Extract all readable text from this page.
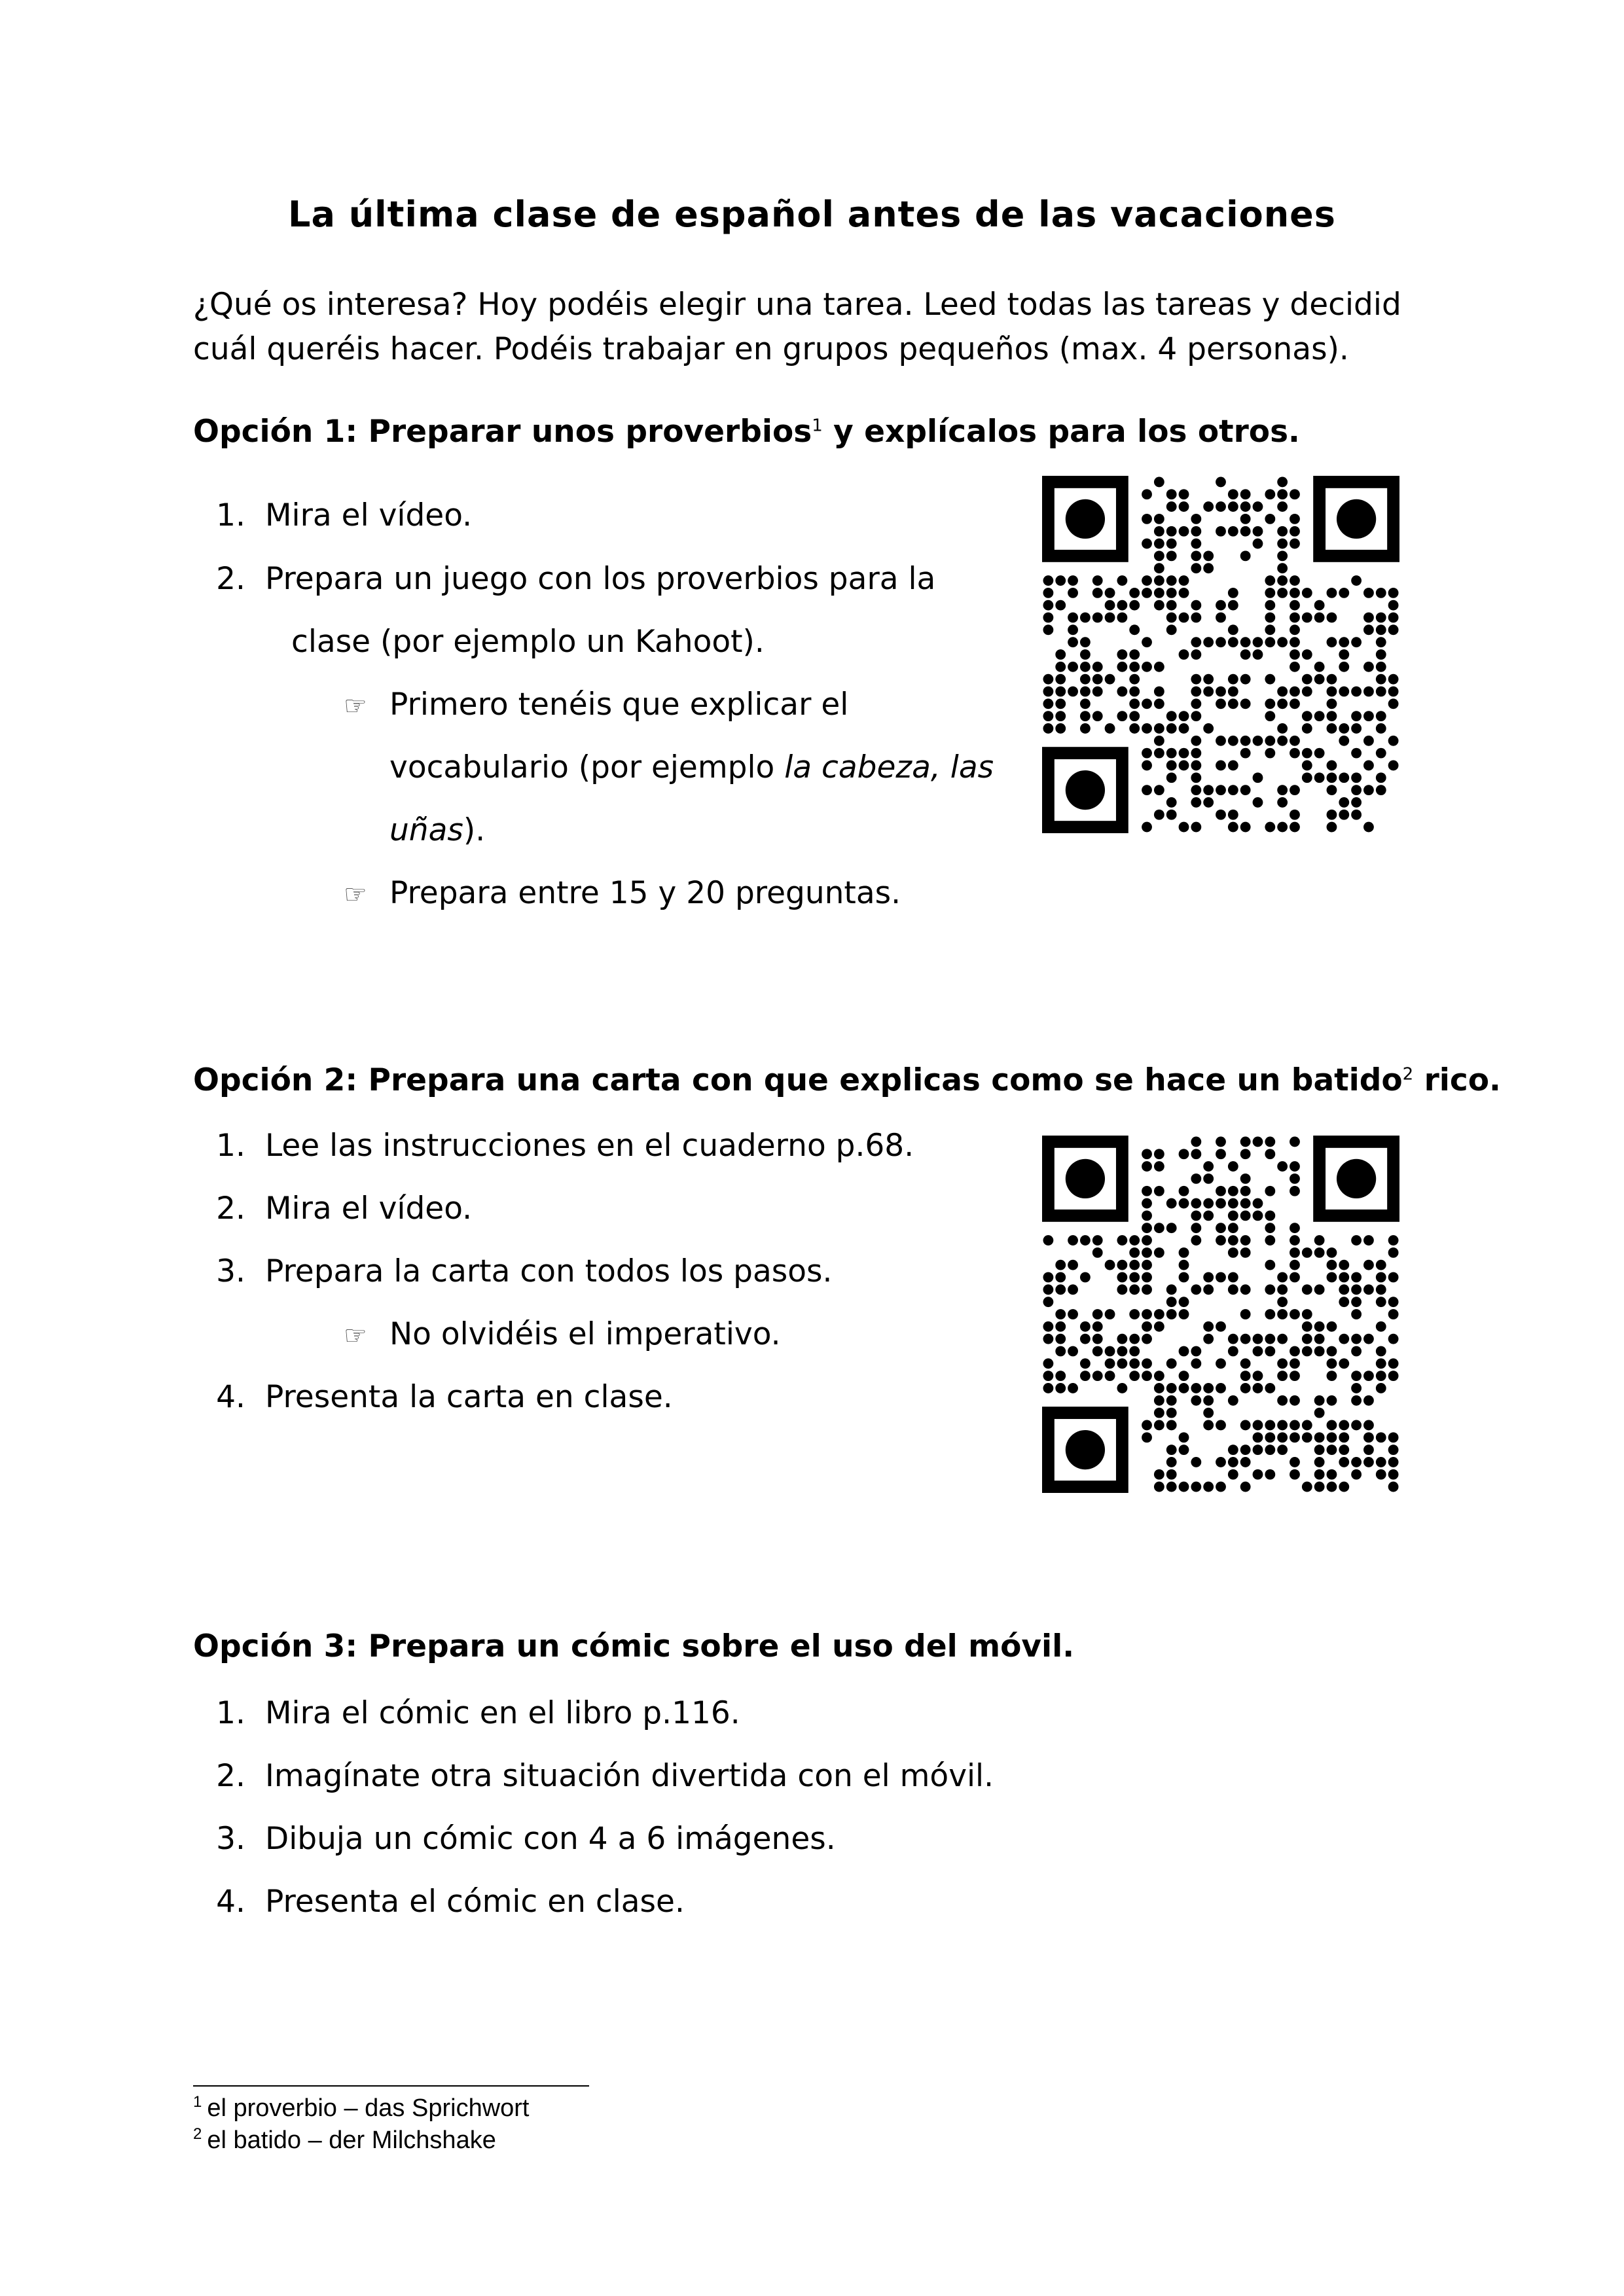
La última clase de español antes de las vacaciones
¿Qué os interesa? Hoy podéis elegir una tarea. Leed todas las tareas y decidid cuál queréis hacer. Podéis trabajar en grupos pequeños (max. 4 personas).
Opción 1: Preparar unos proverbios$^1$ y explícalos para los otros.
1. Mira el vídeo.
2. Prepara un juego con los proverbios para la
clase (por ejemplo un Kahoot).
☞ Primero tenéis que explicar el
vocabulario (por ejemplo la cabeza, las
uñas).
☞ Prepara entre 15 y 20 preguntas.
Opción 2: Prepara una carta con que explicas como se hace un batido$^2$ rico.
1. Lee las instrucciones en el cuaderno p.68.
2. Mira el vídeo.
3. Prepara la carta con todos los pasos.
☞ No olvidéis el imperativo.
4. Presenta la carta en clase.
Opción 3: Prepara un cómic sobre el uso del móvil.
1. Mira el cómic en el libro p.116.
2. Imagínate otra situación divertida con el móvil.
3. Dibuja un cómic con 4 a 6 imágenes.
4. Presenta el cómic en clase.
$^1$ el proverbio – das Sprichwort
$^2$ el batido – der Milchshake
